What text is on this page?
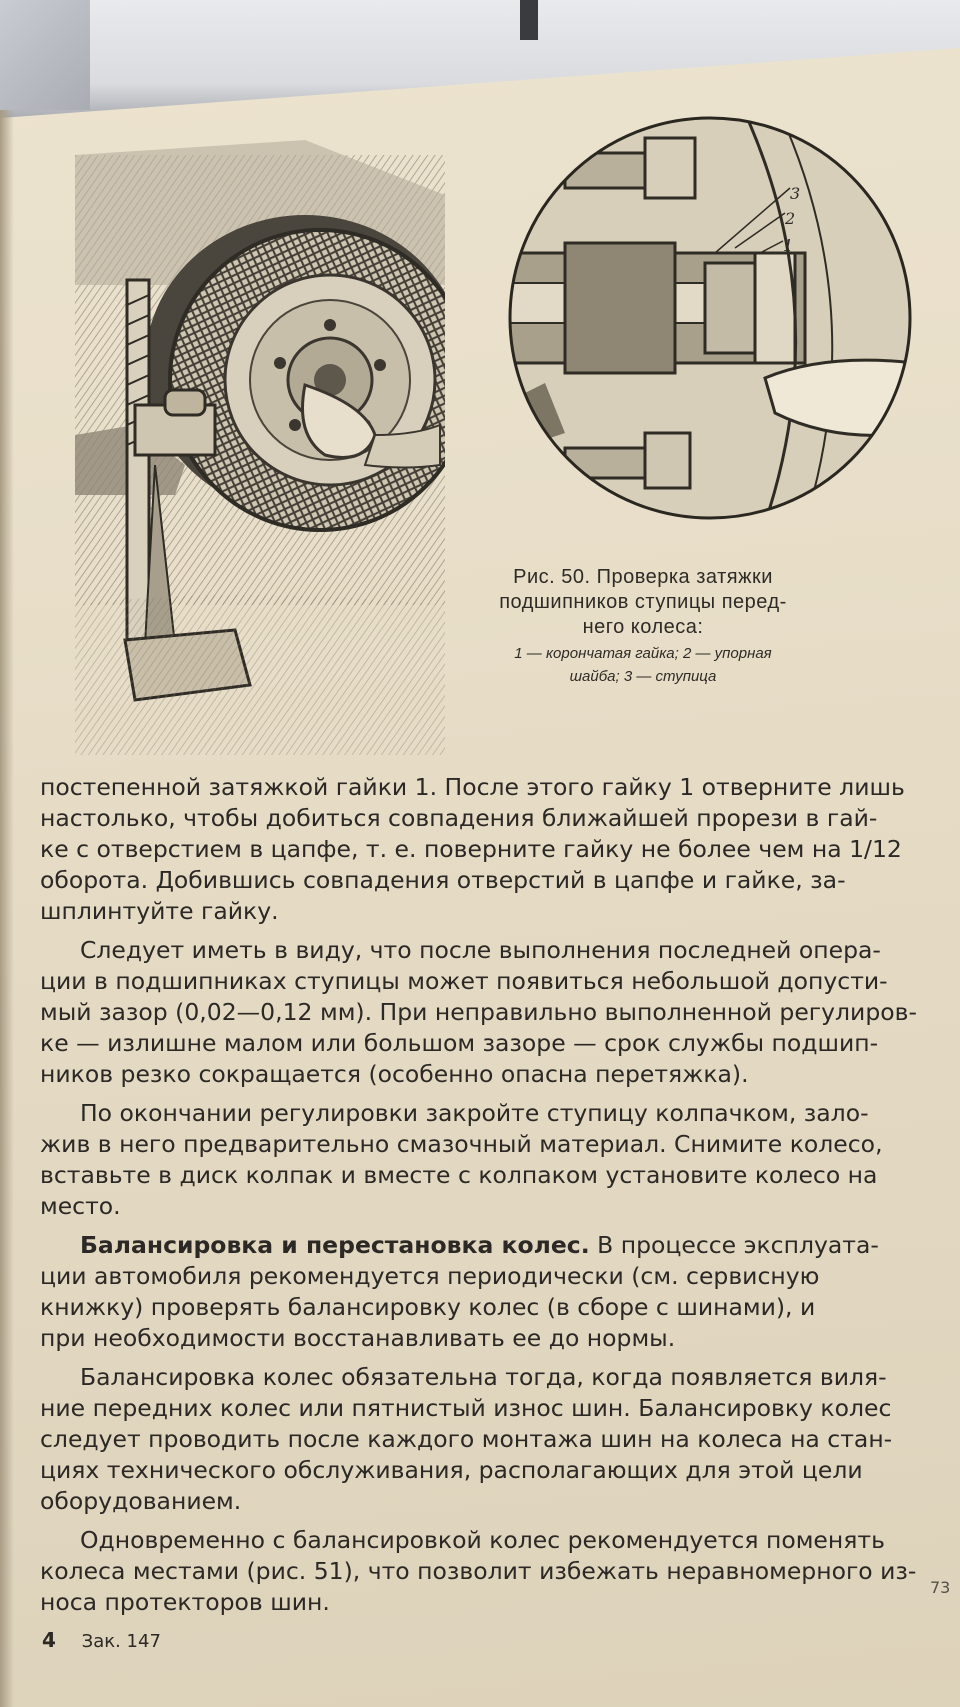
3
2
1
Рис. 50. Проверка затяжки
подшипников ступицы перед-
него колеса:
1 — корончатая гайка; 2 — упорная
шайба; 3 — ступица
постепенной затяжкой гайки 1. После этого гайку 1 отверните лишь
настолько, чтобы добиться совпадения ближайшей прорези в гай-
ке с отверстием в цапфе, т. е. поверните гайку не более чем на 1/12
оборота. Добившись совпадения отверстий в цапфе и гайке, за-
шплинтуйте гайку.
Следует иметь в виду, что после выполнения последней опера-
ции в подшипниках ступицы может появиться небольшой допусти-
мый зазор (0,02—0,12 мм). При неправильно выполненной регулиров-
ке — излишне малом или большом зазоре — срок службы подшип-
ников резко сокращается (особенно опасна перетяжка).
По окончании регулировки закройте ступицу колпачком, зало-
жив в него предварительно смазочный материал. Снимите колесо,
вставьте в диск колпак и вместе с колпаком установите колесо на
место.
Балансировка и перестановка колес. В процессе эксплуата-
ции автомобиля рекомендуется периодически (см. сервисную
книжку) проверять балансировку колес (в сборе с шинами), и
при необходимости восстанавливать ее до нормы.
Балансировка колес обязательна тогда, когда появляется виля-
ние передних колес или пятнистый износ шин. Балансировку колес
следует проводить после каждого монтажа шин на колеса на стан-
циях технического обслуживания, располагающих для этой цели
оборудованием.
Одновременно с балансировкой колес рекомендуется поменять
колеса местами (рис. 51), что позволит избежать неравномерного из-
носа протекторов шин.
73
4 Зак. 147
